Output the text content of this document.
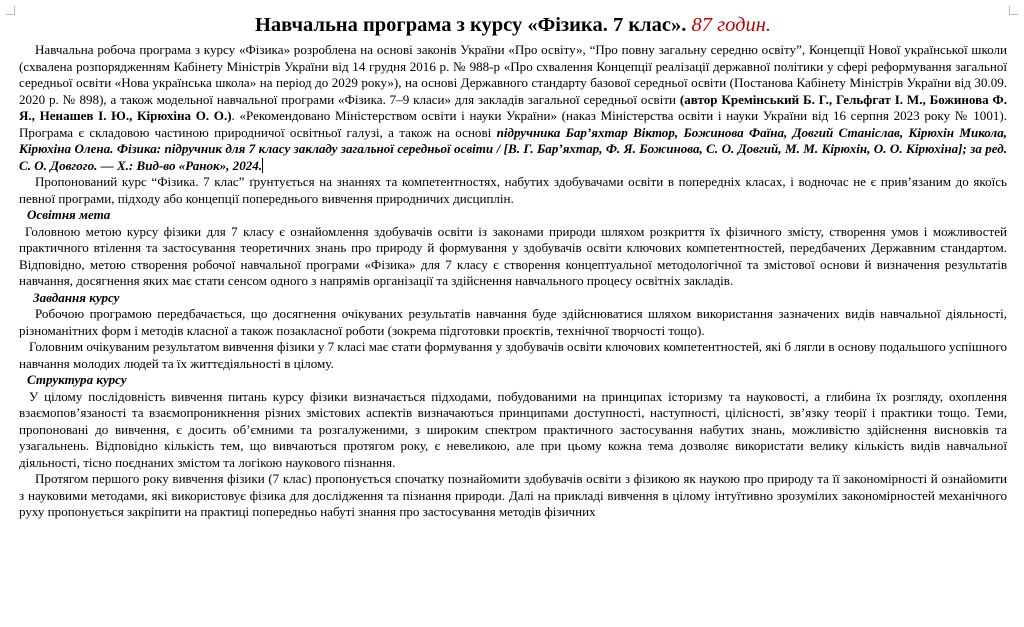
Навчальна програма з курсу «Фізика. 7 клас». 87 годин.

Навчальна робоча програма з курсу «Фізика» розроблена на основі законів України «Про освіту», “Про повну загальну середню освіту”, Концепції Нової української школи (схвалена розпорядженням Кабінету Міністрів України від 14 грудня 2016 р. № 988-р «Про схвалення Концепції реалізації державної політики у сфері реформування загальної середньої освіти «Нова українська школа» на період до 2029 року»), на основі Державного стандарту базової середньої освіти (Постанова Кабінету Міністрів України від 30.09. 2020 р. № 898), а також модельної навчальної програми «Фізика. 7–9 класи» для закладів загальної середньої освіти (автор Кремінський Б. Г., Гельфгат І. М., Божинова Ф. Я., Ненашев І. Ю., Кірюхіна О. О.). «Рекомендовано Міністерством освіти і науки України» (наказ Міністерства освіти і науки України від 16 серпня 2023 року № 1001). Програма є складовою частиною природничої освітньої галузі, а також на основі підручника Бар’яхтар Віктор, Божинова Фаїна, Довгий Станіслав, Кірюхін Микола, Кірюхіна Олена. Фізика: підручник для 7 класу закладу загальної середньої освіти / [В. Г. Бар’яхтар, Ф. Я. Божинова, С. О. Довгий, М. М. Кірюхін, О. О. Кірюхіна]; за ред. С. О. Довгого. — Х.: Вид-во «Ранок», 2024.

Пропонований курс “Фізика. 7 клас” ґрунтується на знаннях та компетентностях, набутих здобувачами освіти в попередніх класах, і водночас не є прив’язаним до якоїсь певної програми, підходу або концепції попереднього вивчення природничих дисциплін.

Освітня мета

Головною метою курсу фізики для 7 класу є ознайомлення здобувачів освіти із законами природи шляхом розкриття їх фізичного змісту, створення умов і можливостей практичного втілення та застосування теоретичних знань про природу й формування у здобувачів освіти ключових компетентностей, передбачених Державним стандартом. Відповідно, метою створення робочої навчальної програми «Фізика» для 7 класу є створення концептуальної методологічної та змістової основи й визначення результатів навчання, досягнення яких має стати сенсом одного з напрямів організації та здійснення навчального процесу освітніх закладів.

Завдання курсу

Робочою програмою передбачається, що досягнення очікуваних результатів навчання буде здійснюватися шляхом використання зазначених видів навчальної діяльності, різноманітних форм і методів класної а також позакласної роботи (зокрема підготовки проєктів, технічної творчості тощо).

Головним очікуваним результатом вивчення фізики у 7 класі має стати формування у здобувачів освіти ключових компетентностей, які б лягли в основу подальшого успішного навчання молодих людей та їх життєдіяльності в цілому.

Структура курсу

У цілому послідовність вивчення питань курсу фізики визначається підходами, побудованими на принципах історизму та науковості, а глибина їх розгляду, охоплення взаємопов’язаності та взаємопроникнення різних змістових аспектів визначаються принципами доступності, наступності, цілісності, зв’язку теорії і практики тощо. Теми, пропоновані до вивчення, є досить об’ємними та розгалуженими, з широким спектром практичного застосування набутих знань, можливістю здійснення висновків та узагальнень. Відповідно кількість тем, що вивчаються протягом року, є невеликою, але при цьому кожна тема дозволяє використати велику кількість видів навчальної діяльності, тісно поєднаних змістом та логікою наукового пізнання.

Протягом першого року вивчення фізики (7 клас) пропонується спочатку познайомити здобувачів освіти з фізикою як наукою про природу та її закономірності й ознайомити з науковими методами, які використовує фізика для дослідження та пізнання природи. Далі на прикладі вивчення в цілому інтуїтивно зрозумілих закономірностей механічного руху пропонується закріпити на практиці попередньо набуті знання про застосування методів фізичних
